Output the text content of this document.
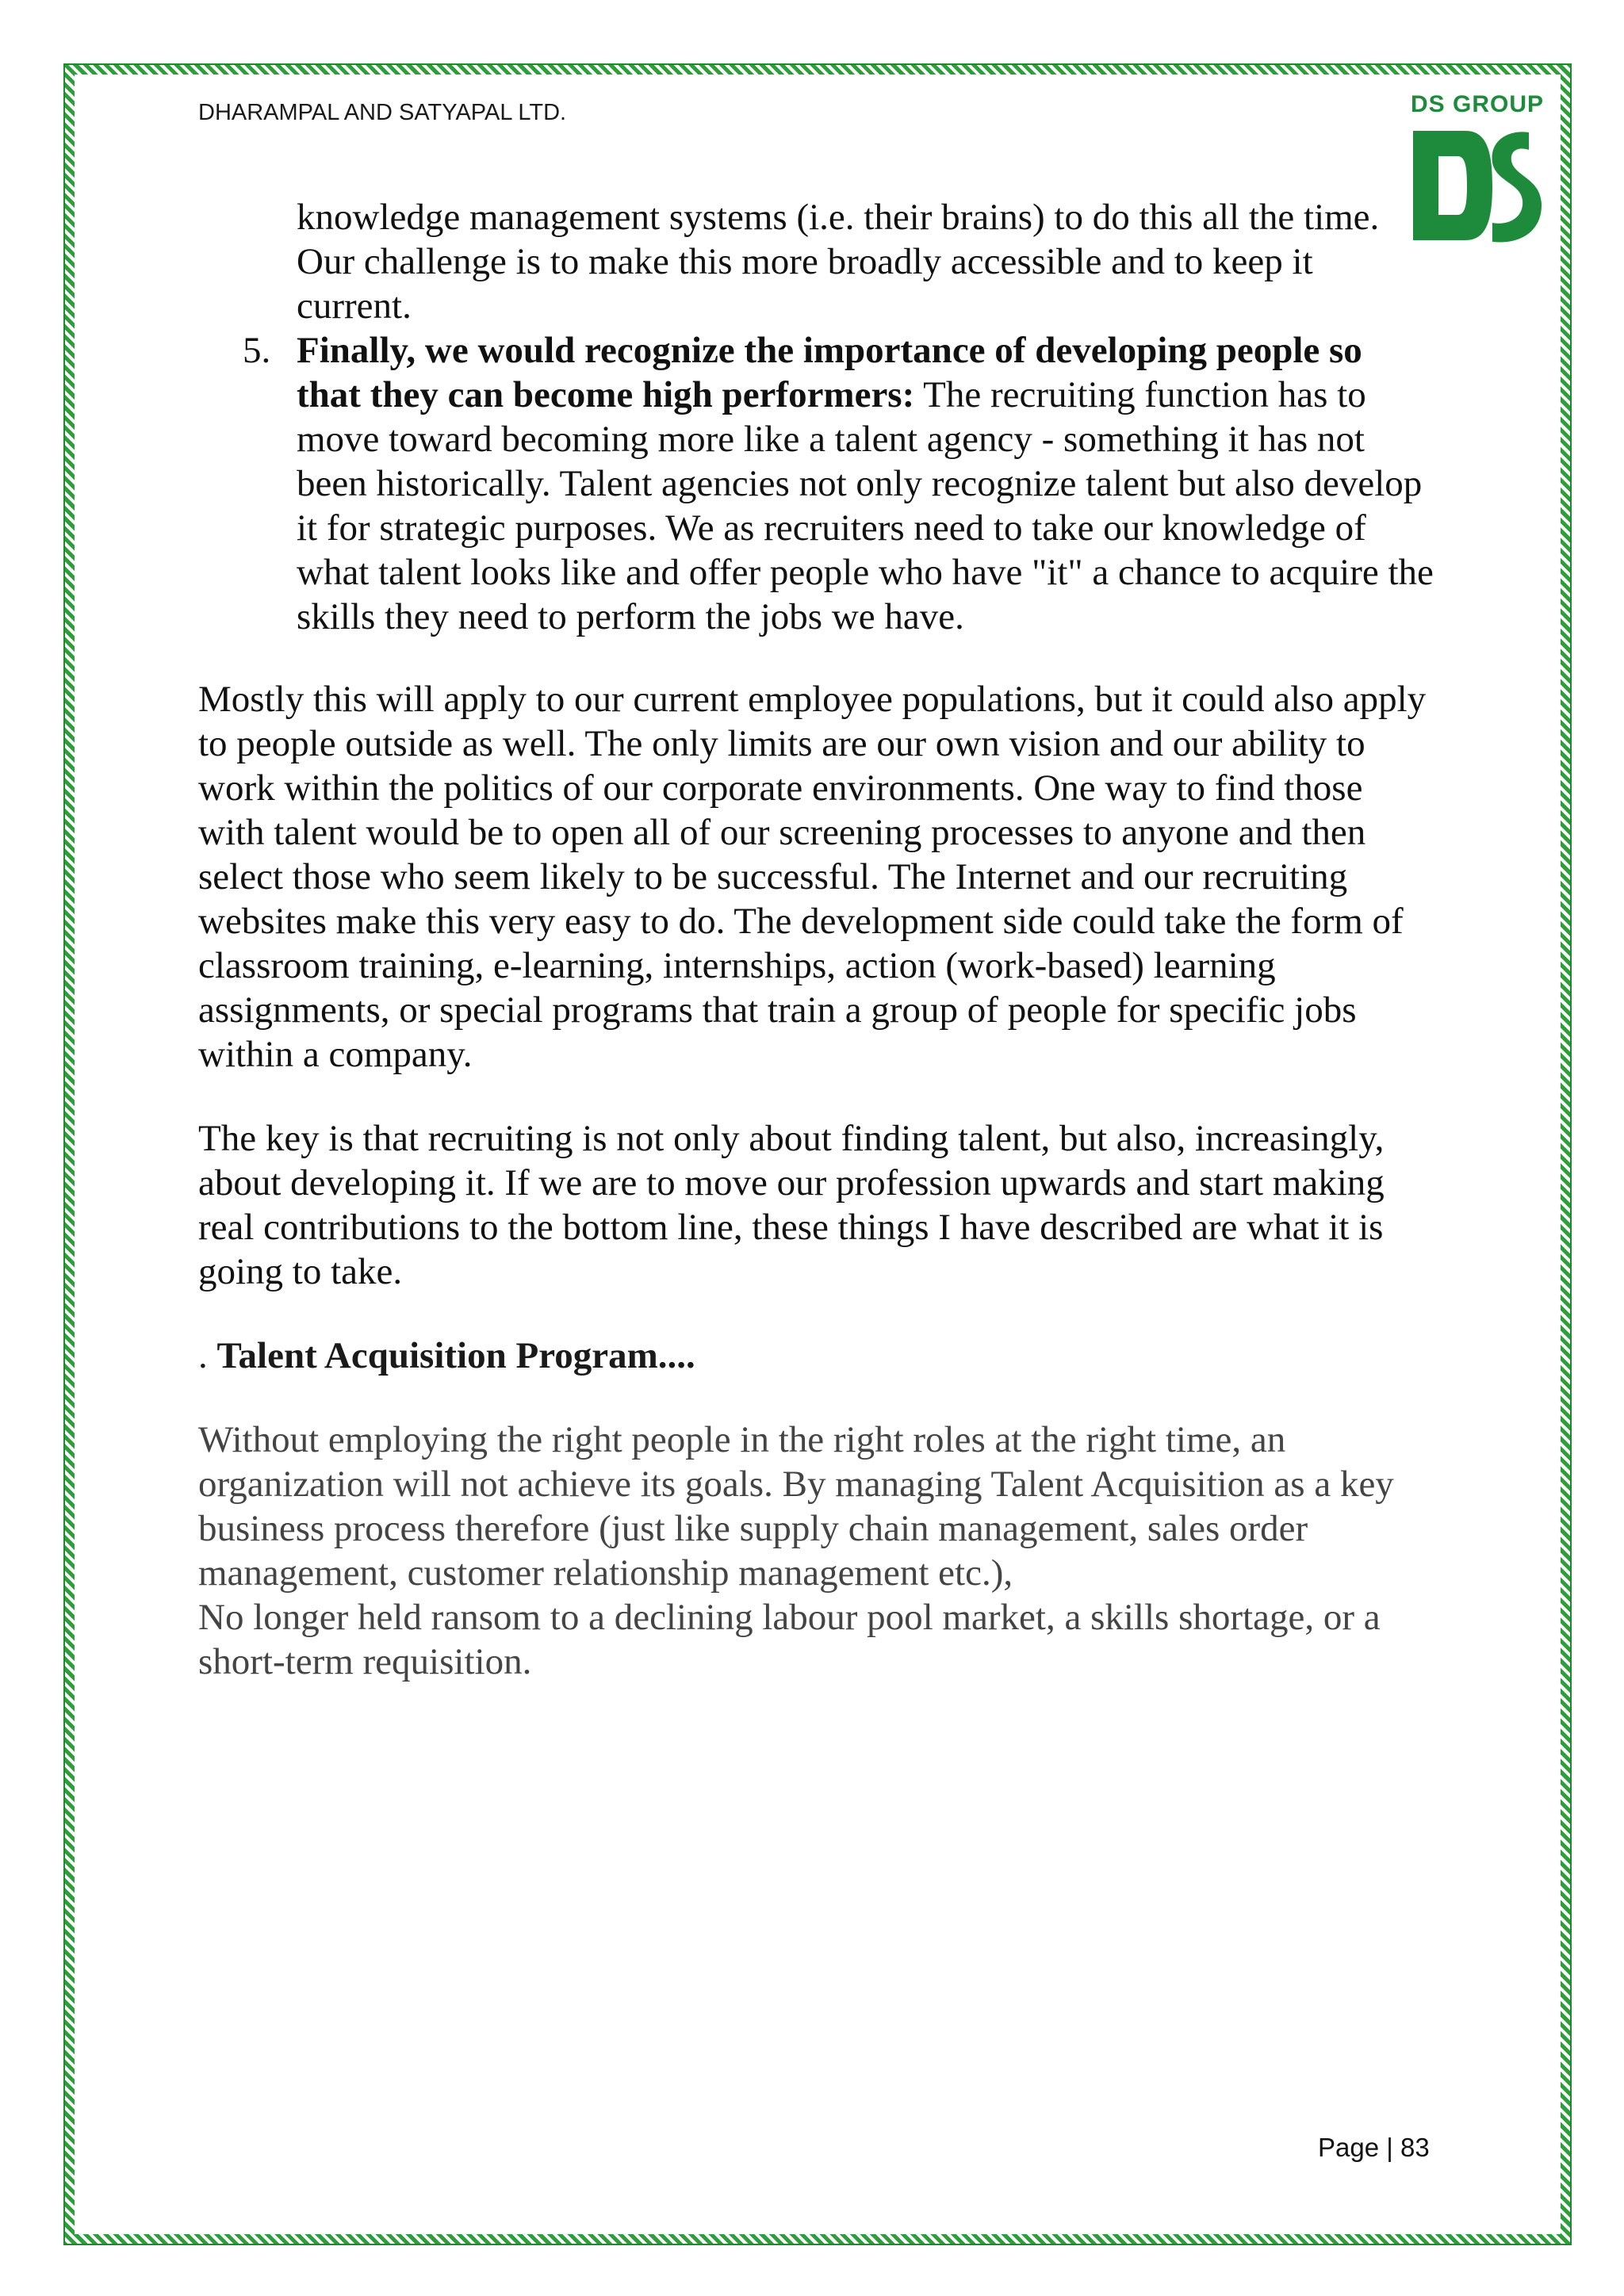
DHARAMPAL AND SATYAPAL LTD.	DS GROUP

knowledge management systems (i.e. their brains) to do this all the time. Our challenge is to make this more broadly accessible and to keep it current.

5. Finally, we would recognize the importance of developing people so that they can become high performers: The recruiting function has to move toward becoming more like a talent agency - something it has not been historically. Talent agencies not only recognize talent but also develop it for strategic purposes. We as recruiters need to take our knowledge of what talent looks like and offer people who have "it" a chance to acquire the skills they need to perform the jobs we have.

Mostly this will apply to our current employee populations, but it could also apply to people outside as well. The only limits are our own vision and our ability to work within the politics of our corporate environments. One way to find those with talent would be to open all of our screening processes to anyone and then select those who seem likely to be successful. The Internet and our recruiting websites make this very easy to do. The development side could take the form of classroom training, e-learning, internships, action (work-based) learning assignments, or special programs that train a group of people for specific jobs within a company.

The key is that recruiting is not only about finding talent, but also, increasingly, about developing it. If we are to move our profession upwards and start making real contributions to the bottom line, these things I have described are what it is going to take.

. Talent Acquisition Program....

Without employing the right people in the right roles at the right time, an organization will not achieve its goals. By managing Talent Acquisition as a key business process therefore (just like supply chain management, sales order management, customer relationship management etc.),

No longer held ransom to a declining labour pool market, a skills shortage, or a short-term requisition.

Page | 83
